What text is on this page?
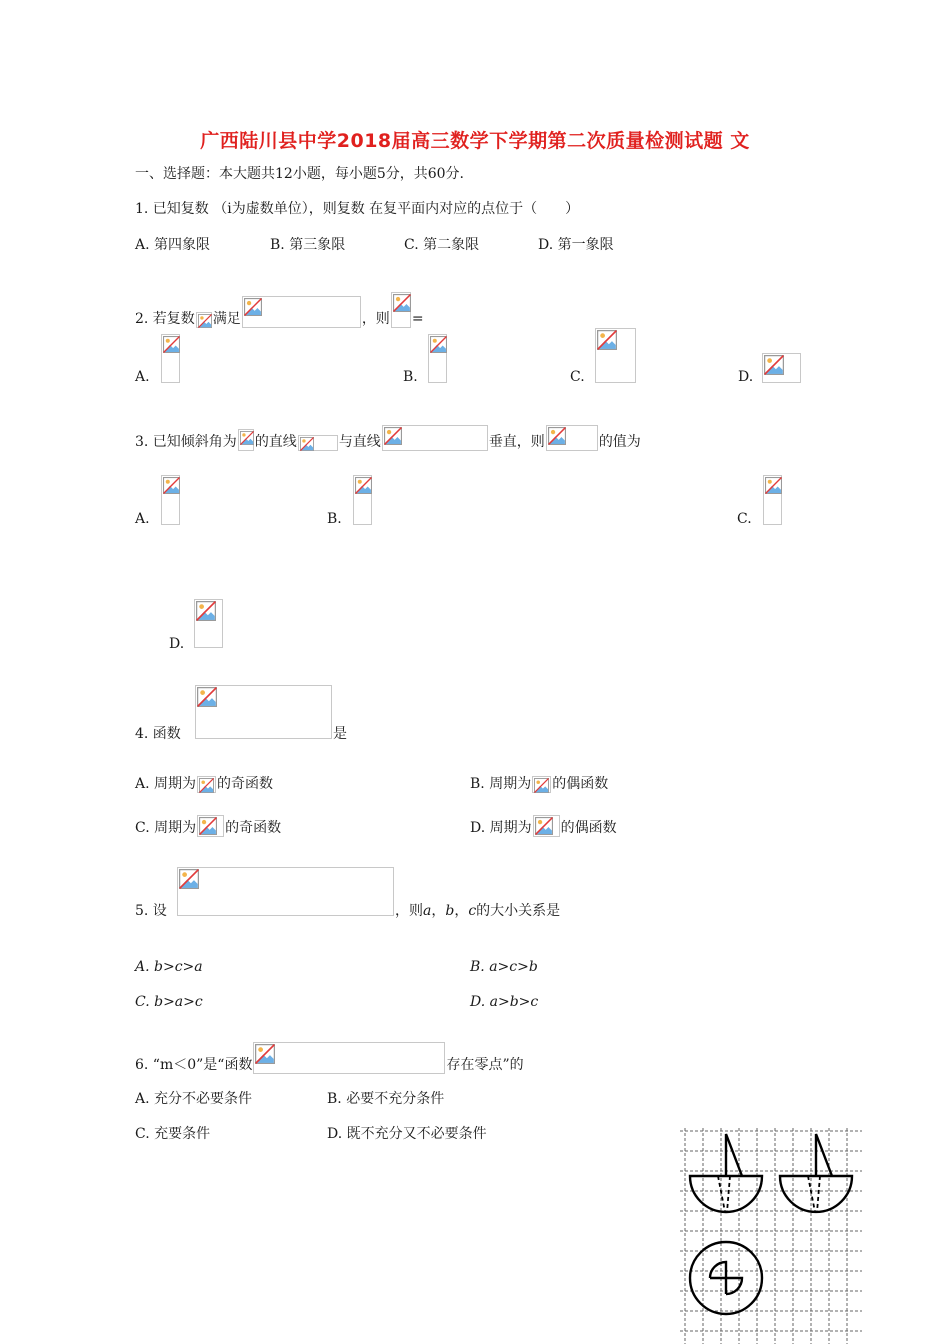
广西陆川县中学2018届高三数学下学期第二次质量检测试题 文
一、选择题：本大题共12小题，每小题5分，共60分.
1. 已知复数 （i为虚数单位），则复数 在复平面内对应的点位于（　　）
A. 第四象限	B. 第三象限	C. 第二象限	D. 第一象限
2. 若复数 满足	，则 =
A.	B.	C.	D.
3. 已知倾斜角为 的直线	与直线	垂直，则	的值为
A.	B.	C.
D.
4. 函数	是
A. 周期为 的奇函数	B. 周期为 的偶函数
C. 周期为 的奇函数	D. 周期为 的偶函数
5. 设	，则a，b，c的大小关系是
A. b>c>a	B. a>c>b
C. b>a>c	D. a>b>c
6. “m＜0”是“函数	存在零点”的
A. 充分不必要条件	B. 必要不充分条件
C. 充要条件	D. 既不充分又不必要条件
